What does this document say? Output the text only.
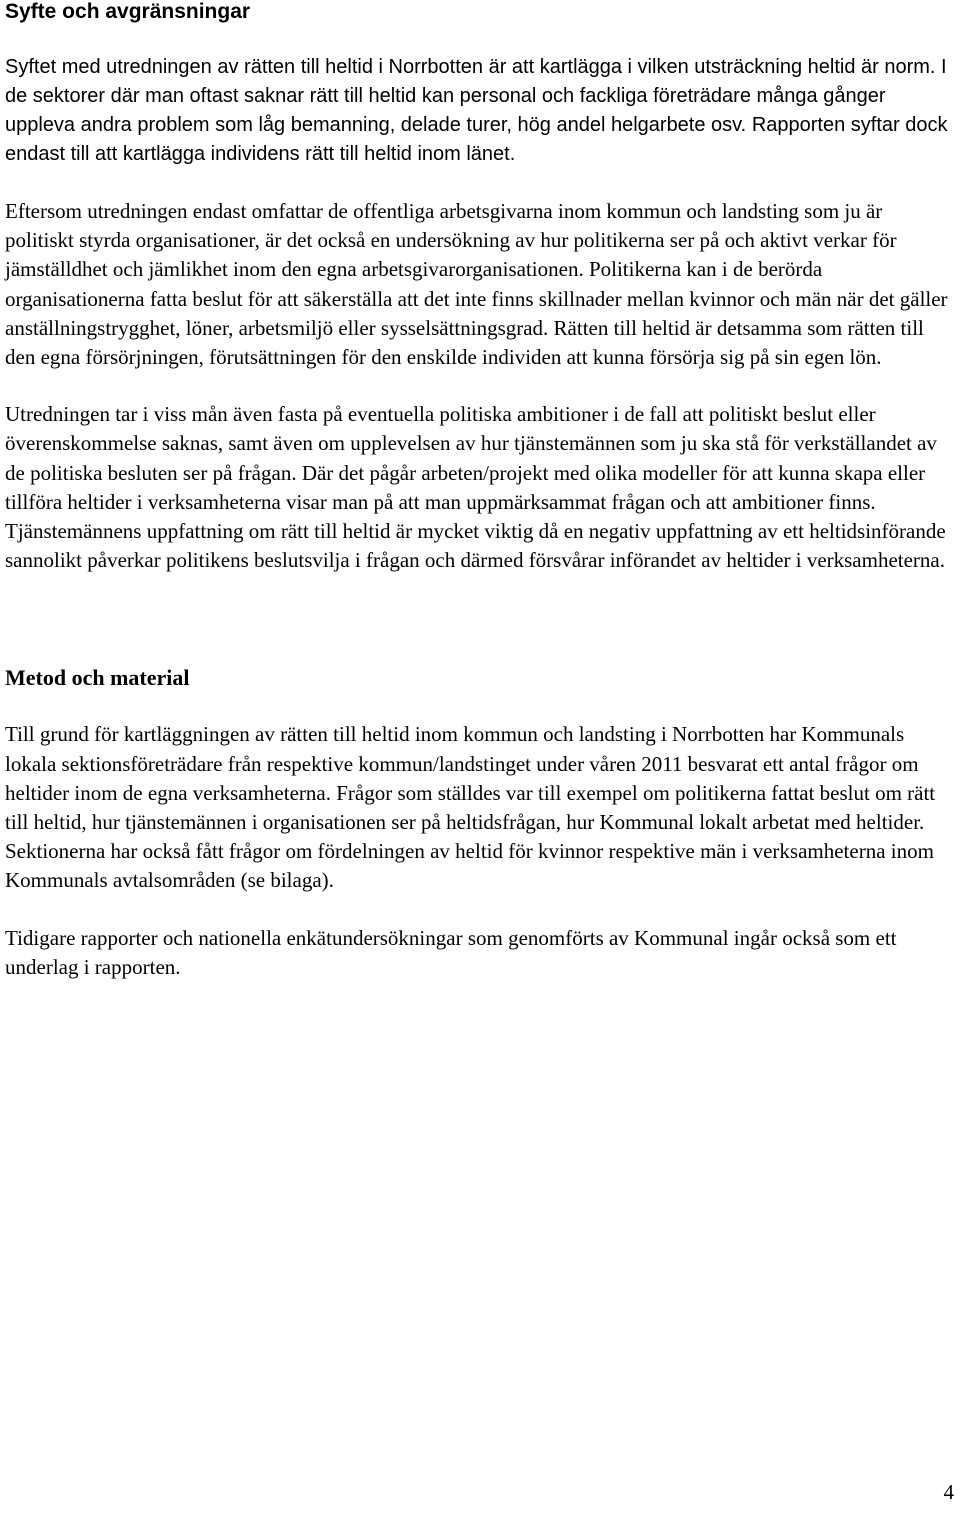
Syfte och avgränsningar

Syftet med utredningen av rätten till heltid i Norrbotten är att kartlägga i vilken utsträckning heltid är norm. I de sektorer där man oftast saknar rätt till heltid kan personal och fackliga företrädare många gånger uppleva andra problem som låg bemanning, delade turer, hög andel helgarbete osv. Rapporten syftar dock endast till att kartlägga individens rätt till heltid inom länet.

Eftersom utredningen endast omfattar de offentliga arbetsgivarna inom kommun och landsting som ju är politiskt styrda organisationer, är det också en undersökning av hur politikerna ser på och aktivt verkar för jämställdhet och jämlikhet inom den egna arbetsgivarorganisationen. Politikerna kan i de berörda organisationerna fatta beslut för att säkerställa att det inte finns skillnader mellan kvinnor och män när det gäller anställningstrygghet, löner, arbetsmiljö eller sysselsättningsgrad. Rätten till heltid är detsamma som rätten till den egna försörjningen, förutsättningen för den enskilde individen att kunna försörja sig på sin egen lön.

Utredningen tar i viss mån även fasta på eventuella politiska ambitioner i de fall att politiskt beslut eller överenskommelse saknas, samt även om upplevelsen av hur tjänstemännen som ju ska stå för verkställandet av de politiska besluten ser på frågan. Där det pågår arbeten/projekt med olika modeller för att kunna skapa eller tillföra heltider i verksamheterna visar man på att man uppmärksammat frågan och att ambitioner finns. Tjänstemännens uppfattning om rätt till heltid är mycket viktig då en negativ uppfattning av ett heltidsinförande sannolikt påverkar politikens beslutsvilja i frågan och därmed försvårar införandet av heltider i verksamheterna.

Metod och material

Till grund för kartläggningen av rätten till heltid inom kommun och landsting i Norrbotten har Kommunals lokala sektionsföreträdare från respektive kommun/landstinget under våren 2011 besvarat ett antal frågor om heltider inom de egna verksamheterna. Frågor som ställdes var till exempel om politikerna fattat beslut om rätt till heltid, hur tjänstemännen i organisationen ser på heltidsfrågan, hur Kommunal lokalt arbetat med heltider. Sektionerna har också fått frågor om fördelningen av heltid för kvinnor respektive män i verksamheterna inom Kommunals avtalsområden (se bilaga).

Tidigare rapporter och nationella enkätundersökningar som genomförts av Kommunal ingår också som ett underlag i rapporten.

4
